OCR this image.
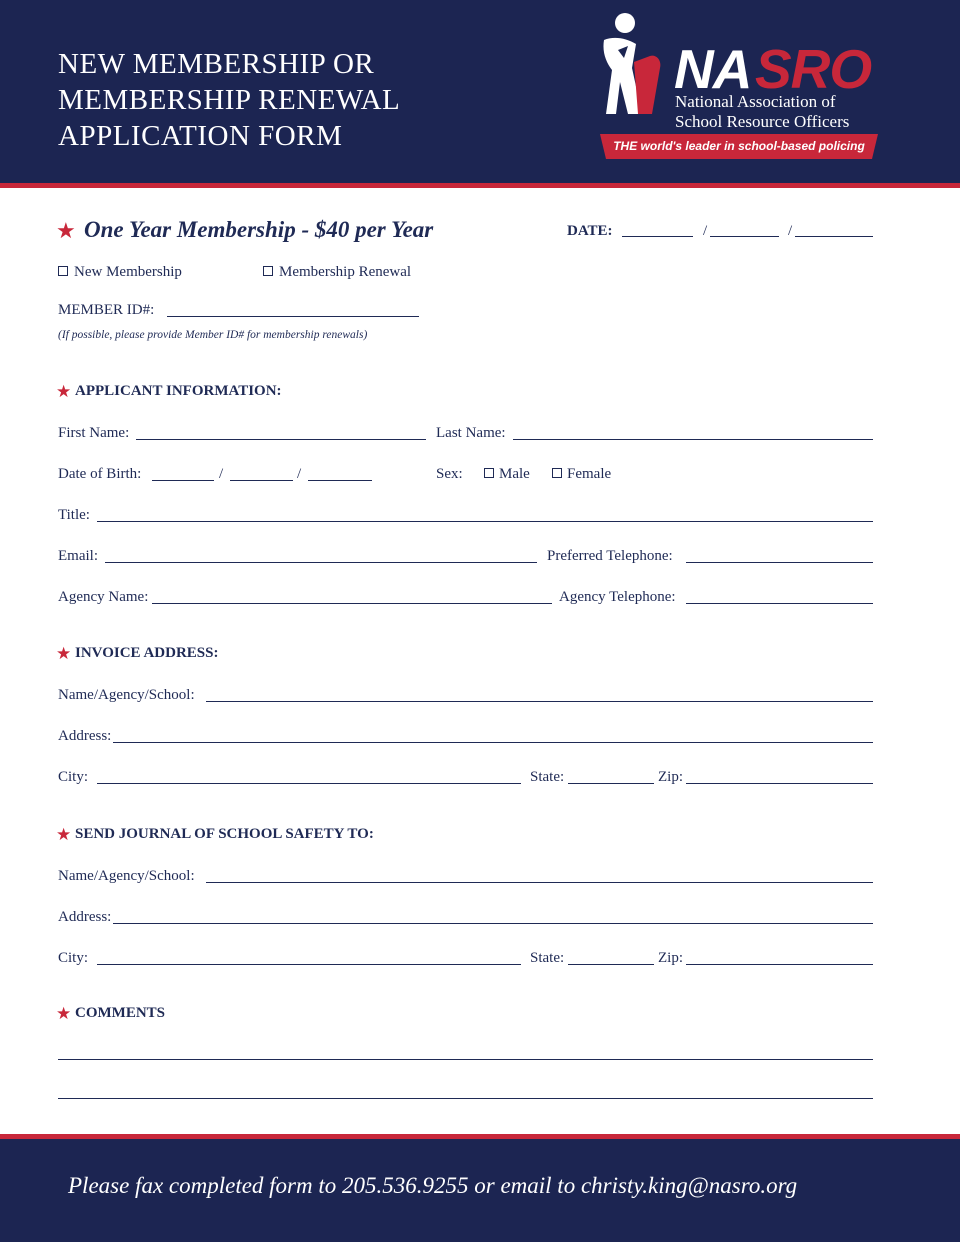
NEW MEMBERSHIP OR
MEMBERSHIP RENEWAL
APPLICATION FORM
NA SRO
National Association of
School Resource Officers
THE world's leader in school-based policing
★ One Year Membership - $40 per Year	DATE:	/	/
New Membership	Membership Renewal
MEMBER ID#:
(If possible, please provide Member ID# for membership renewals)
★ APPLICANT INFORMATION:
First Name:	Last Name:
Date of Birth:	/	/	Sex: Male Female
Title:
Email:	Preferred Telephone:
Agency Name:	Agency Telephone:
★ INVOICE ADDRESS:
Name/Agency/School:
Address:
City:	State:	Zip:
★ SEND JOURNAL OF SCHOOL SAFETY TO:
Name/Agency/School:
Address:
City:	State:	Zip:
★ COMMENTS
Please fax completed form to 205.536.9255 or email to christy.king@nasro.org
